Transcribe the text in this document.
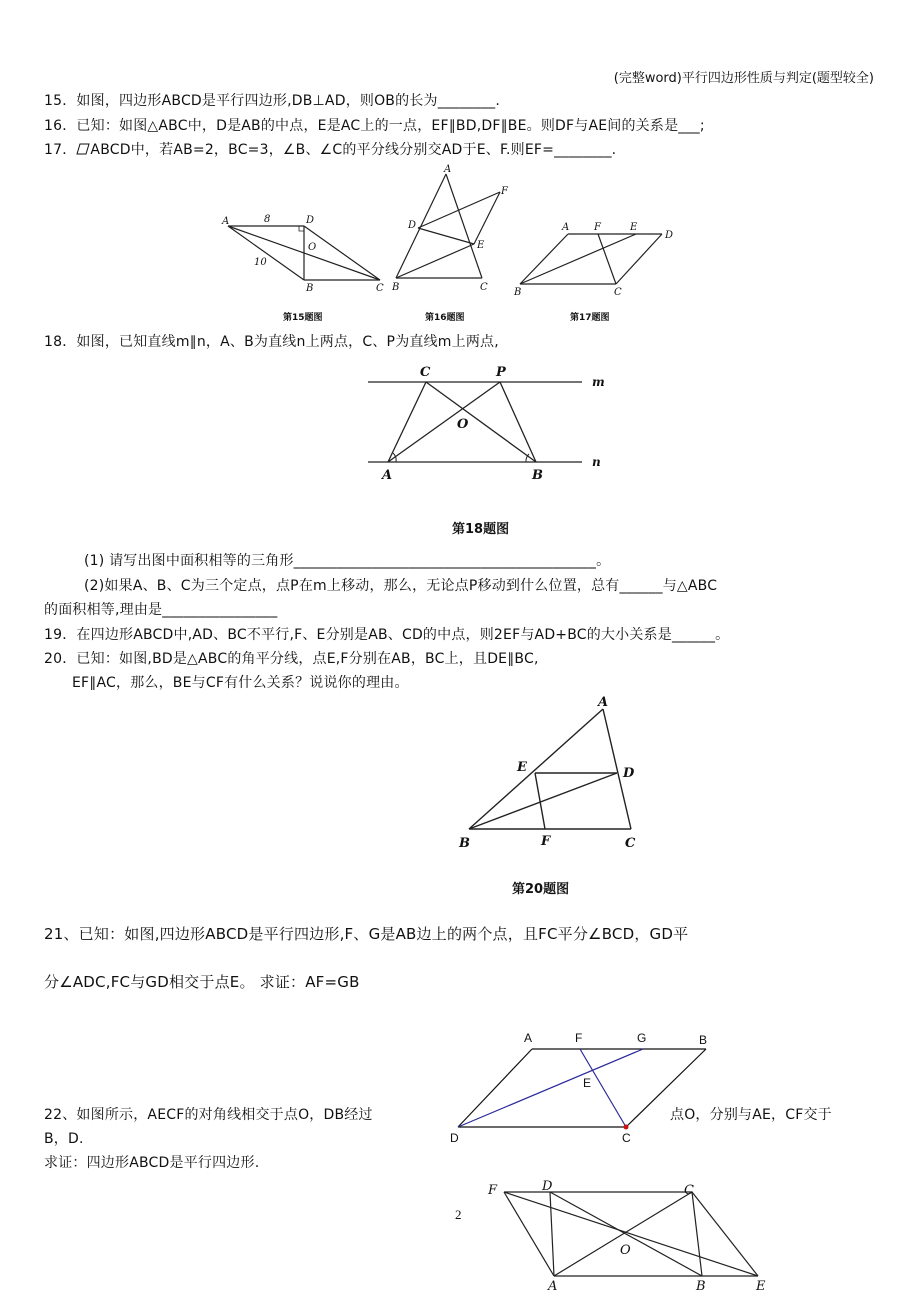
(完整word)平行四边形性质与判定(题型较全)
15．如图，四边形ABCD是平行四边形,DB⊥AD，则OB的长为________.
16．已知：如图△ABC中，D是AB的中点，E是AC上的一点，EF∥BD,DF∥BE。则DF与AE间的关系是___;
17． ABCD中，若AB=2，BC=3，∠B、∠C的平分线分别交AD于E、F.则EF=________.
A	D
B	C
O
8
10
第15题图
A
D
E
F
B	C
第16题图
A F	E
D
B	C
第17题图
18．如图，已知直线m∥n，A、B为直线n上两点，C、P为直线m上两点,
C	P
O
A	B
m
n
第18题图
(1) 请写出图中面积相等的三角形__________________________________________。
(2)如果A、B、C为三个定点，点P在m上移动，那么，无论点P移动到什么位置，总有______与△ABC
的面积相等,理由是________________
19．在四边形ABCD中,AD、BC不平行,F、E分别是AB、CD的中点，则2EF与AD+BC的大小关系是______。
20．已知：如图,BD是△ABC的角平分线，点E,F分别在AB，BC上，且DE∥BC,
EF∥AC，那么，BE与CF有什么关系？说说你的理由。
A
E	D
B	F	C
第20题图
21、已知：如图,四边形ABCD是平行四边形,F、G是AB边上的两个点，且FC平分∠BCD，GD平
分∠ADC,FC与GD相交于点E。 求证：AF=GB
A	F	G	B
E
D	C
22、如图所示，AECF的对角线相交于点O，DB经过	点O，分别与AE，CF交于
B，D.
求证：四边形ABCD是平行四边形.
F	D	C
O
A	B	E
2
